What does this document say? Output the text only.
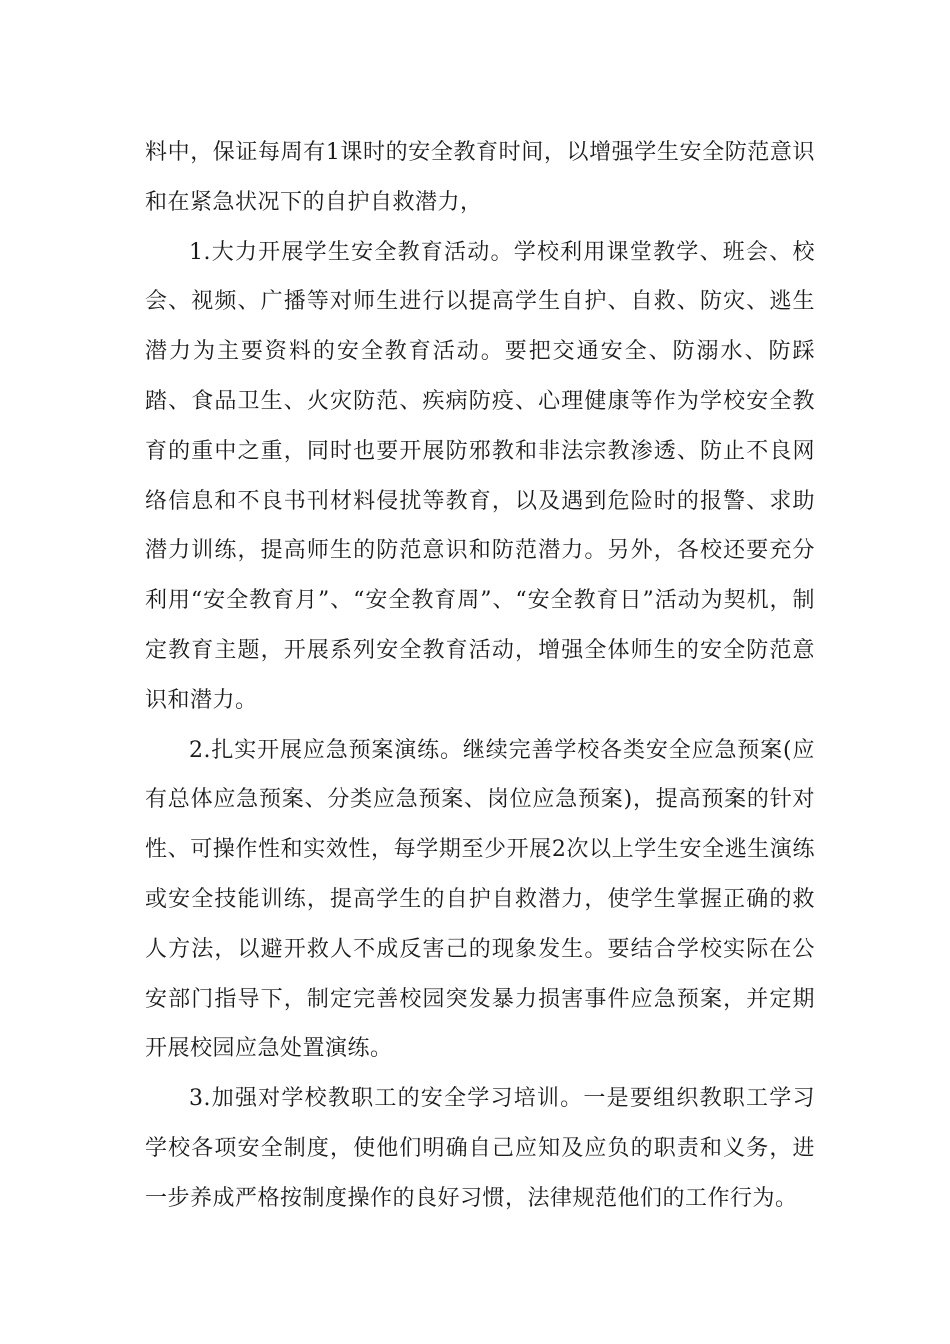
料中，保证每周有1课时的安全教育时间，以增强学生安全防范意识和在紧急状况下的自护自救潜力，

1.大力开展学生安全教育活动。学校利用课堂教学、班会、校会、视频、广播等对师生进行以提高学生自护、自救、防灾、逃生潜力为主要资料的安全教育活动。要把交通安全、防溺水、防踩踏、食品卫生、火灾防范、疾病防疫、心理健康等作为学校安全教育的重中之重，同时也要开展防邪教和非法宗教渗透、防止不良网络信息和不良书刊材料侵扰等教育，以及遇到危险时的报警、求助潜力训练，提高师生的防范意识和防范潜力。另外，各校还要充分利用“安全教育月”、“安全教育周”、“安全教育日”活动为契机，制定教育主题，开展系列安全教育活动，增强全体师生的安全防范意识和潜力。

2.扎实开展应急预案演练。继续完善学校各类安全应急预案(应有总体应急预案、分类应急预案、岗位应急预案)，提高预案的针对性、可操作性和实效性，每学期至少开展2次以上学生安全逃生演练或安全技能训练，提高学生的自护自救潜力，使学生掌握正确的救人方法，以避开救人不成反害己的现象发生。要结合学校实际在公安部门指导下，制定完善校园突发暴力损害事件应急预案，并定期开展校园应急处置演练。

3.加强对学校教职工的安全学习培训。一是要组织教职工学习学校各项安全制度，使他们明确自己应知及应负的职责和义务，进一步养成严格按制度操作的良好习惯，法律规范他们的工作行为。
